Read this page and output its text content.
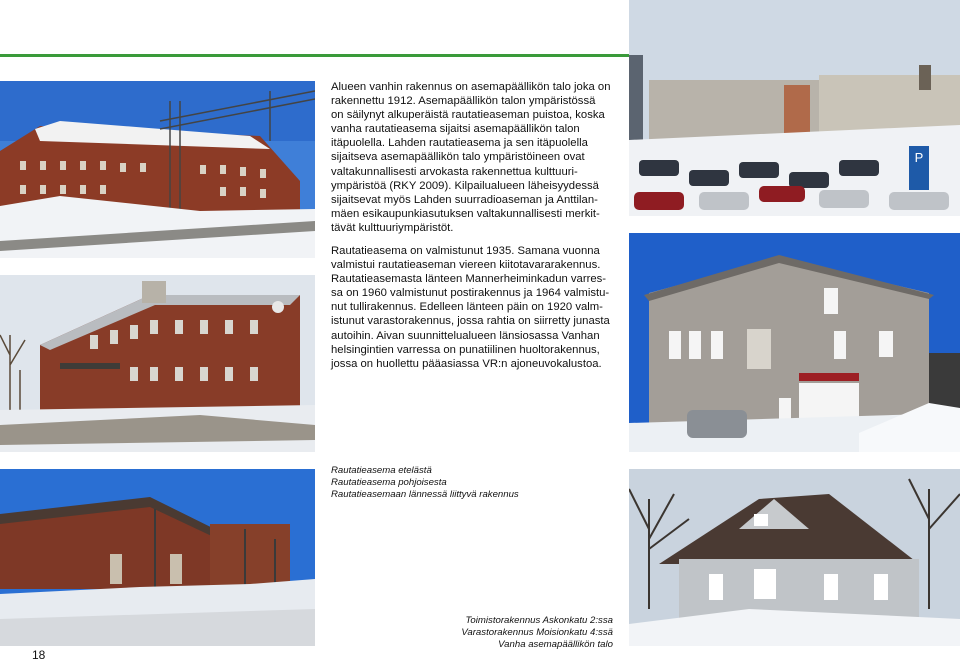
P

Alueen vanhin rakennus on asemapäällikön talo joka on
rakennettu 1912. Asemapäällikön talon ympäristössä
on säilynyt alkuperäistä rautatieaseman puistoa, koska
vanha rautatieasema sijaitsi asemapäällikön talon
itäpuolella. Lahden rautatieasema ja sen itäpuolella
sijaitseva asemapäällikön talo ympäristöineen ovat
valtakunnallisesti arvokasta rakennettua kulttuuri-
ympäristöä (RKY 2009). Kilpailualueen läheisyydessä
sijaitsevat myös Lahden suurradioaseman ja Anttilan-
mäen esikaupunkiasutuksen valtakunnallisesti merkit-
tävät kulttuuriympäristöt.

Rautatieasema on valmistunut 1935. Samana vuonna
valmistui rautatieaseman viereen kiitotavararakennus.
Rautatieasemasta länteen Mannerheiminkadun varres-
sa on 1960 valmistunut postirakennus ja 1964 valmistu-
nut tullirakennus. Edelleen länteen päin on 1920 valm-
istunut varastorakennus, jossa rahtia on siirretty junasta
autoihin. Aivan suunnittelualueen länsiosassa Vanhan
helsingintien varressa on punatiilinen huoltorakennus,
jossa on huollettu pääasiassa VR:n ajoneuvokalustoa.

Rautatieasema etelästä
Rautatieasema pohjoisesta
Rautatieasemaan lännessä liittyvä rakennus
Toimistorakennus Askonkatu 2:ssa
Varastorakennus Moisionkatu 4:ssä
Vanha asemapäällikön talo
18
